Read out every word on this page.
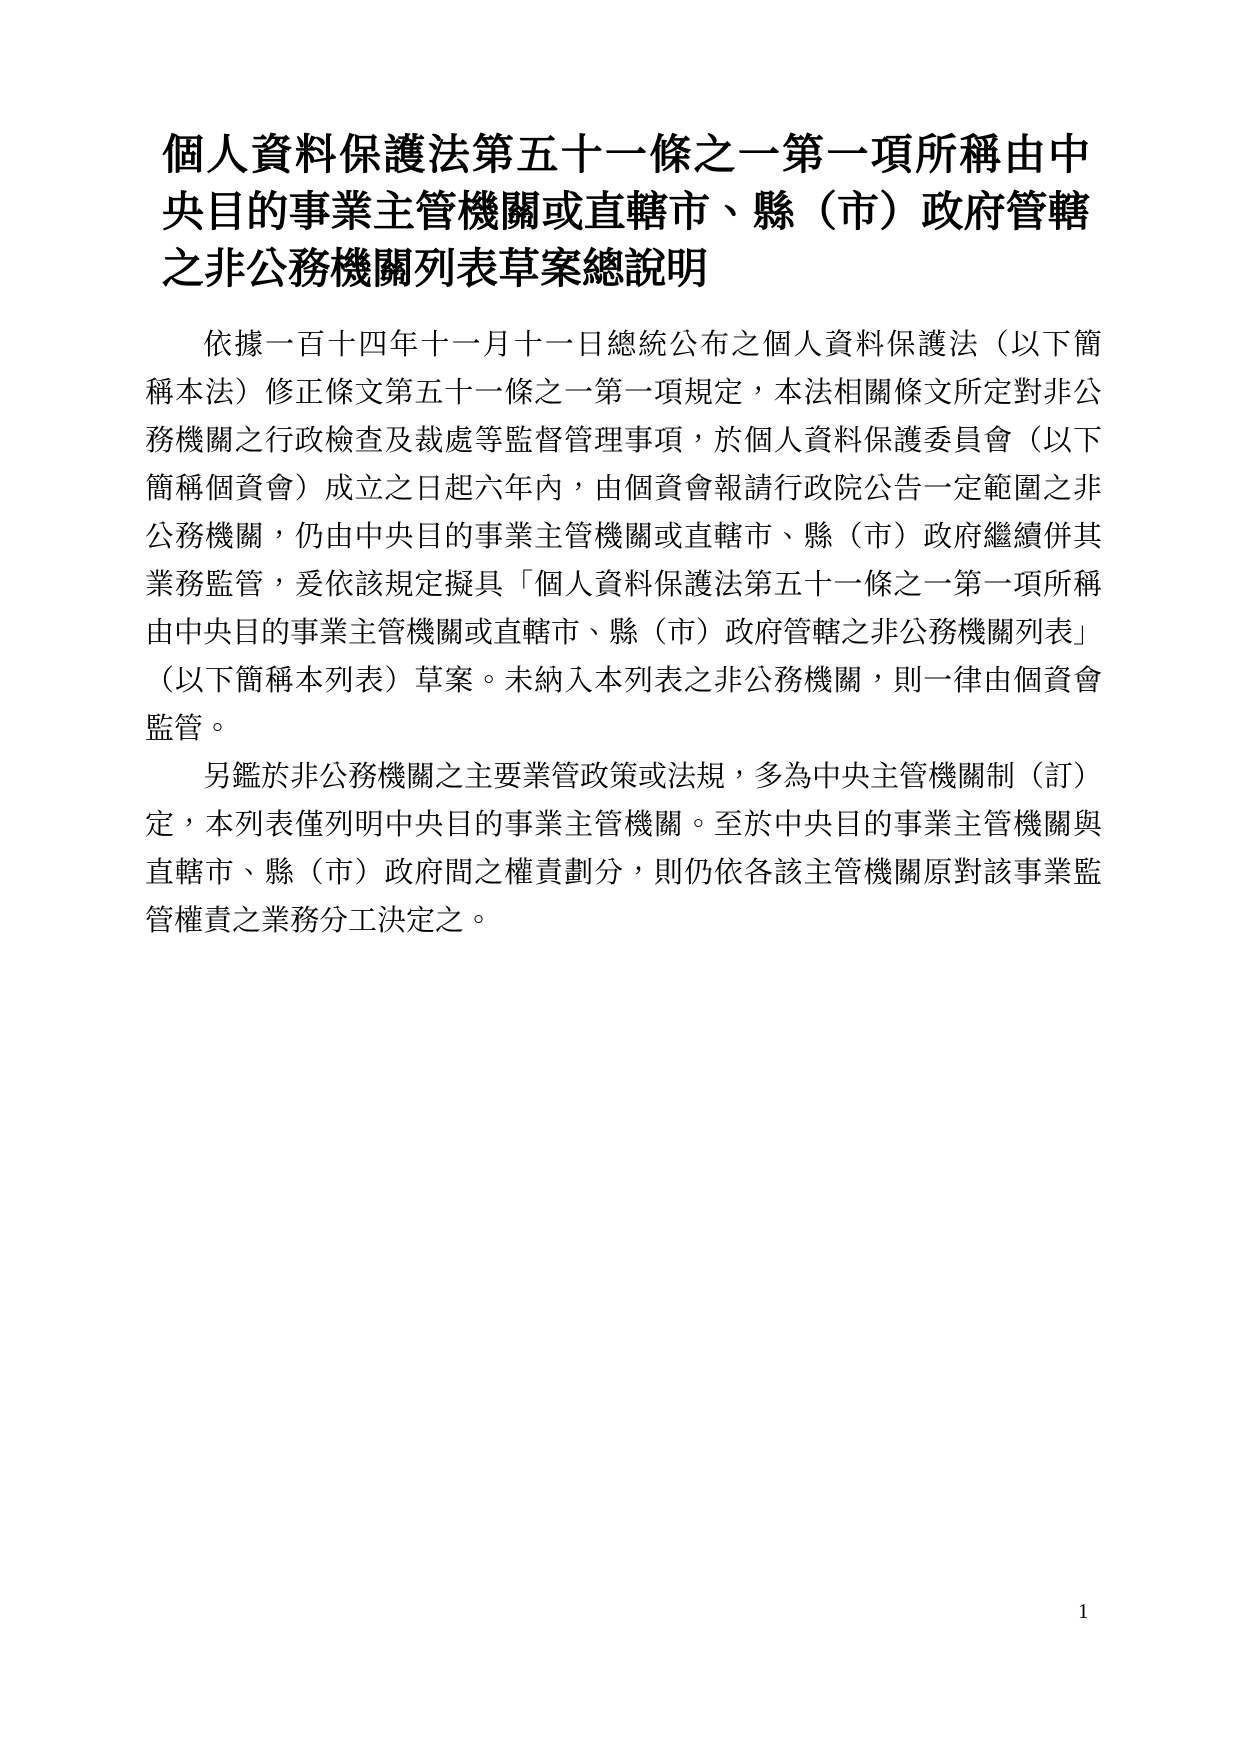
個人資料保護法第五十一條之一第一項所稱由中
央目的事業主管機關或直轄市、縣（市）政府管轄
之非公務機關列表草案總說明
依據一百十四年十一月十一日總統公布之個人資料保護法（以下簡
稱本法）修正條文第五十一條之一第一項規定，本法相關條文所定對非公
務機關之行政檢查及裁處等監督管理事項，於個人資料保護委員會（以下
簡稱個資會）成立之日起六年內，由個資會報請行政院公告一定範圍之非
公務機關，仍由中央目的事業主管機關或直轄市、縣（市）政府繼續併其
業務監管，爰依該規定擬具「個人資料保護法第五十一條之一第一項所稱
由中央目的事業主管機關或直轄市、縣（市）政府管轄之非公務機關列表」
（以下簡稱本列表）草案。未納入本列表之非公務機關，則一律由個資會
監管。
另鑑於非公務機關之主要業管政策或法規，多為中央主管機關制（訂）
定，本列表僅列明中央目的事業主管機關。至於中央目的事業主管機關與
直轄市、縣（市）政府間之權責劃分，則仍依各該主管機關原對該事業監
管權責之業務分工決定之。
1
